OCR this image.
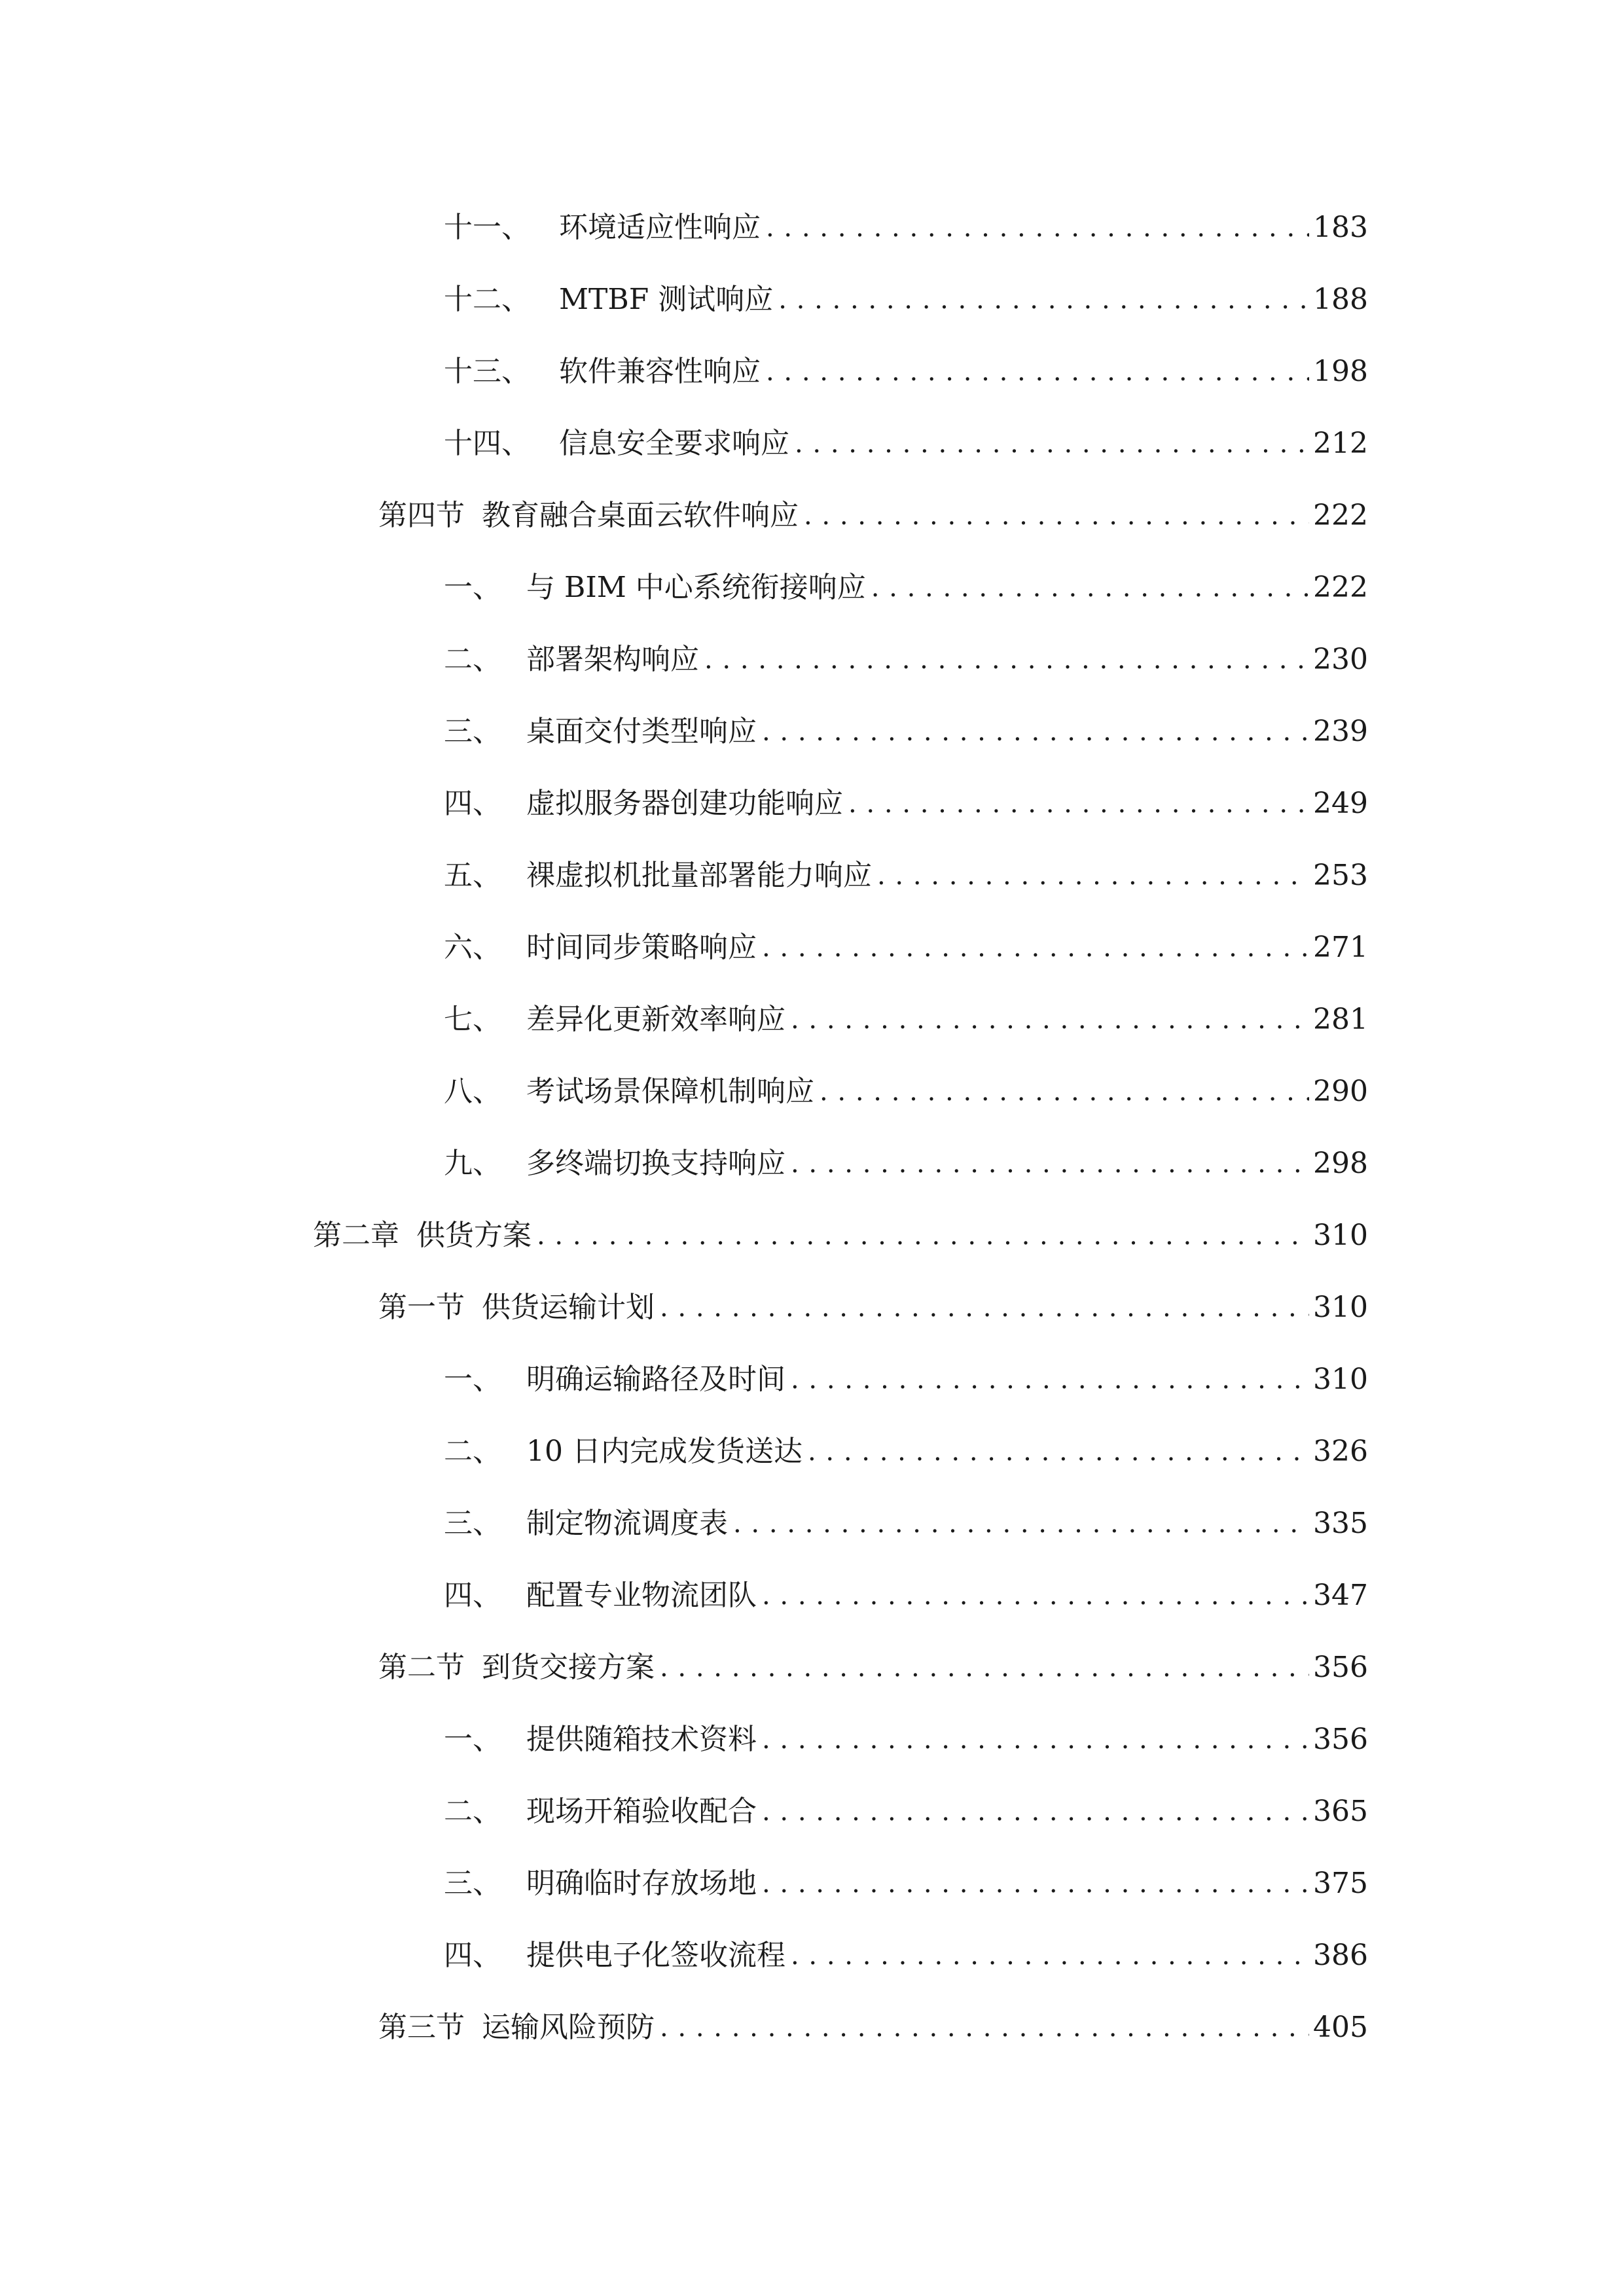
十一、	环境适应性响应 . . .	183
十二、	MTBF 测试响应 . . .	188
十三、	软件兼容性响应 . . .	198
十四、	信息安全要求响应 . . .	212
第四节 教育融合桌面云软件响应 . . .	222
一、 与 BIM 中心系统衔接响应 . . .	222
二、 部署架构响应 . . .	230
三、 桌面交付类型响应 . . .	239
四、 虚拟服务器创建功能响应 . . .	249
五、 裸虚拟机批量部署能力响应 . . .	253
六、 时间同步策略响应 . . .	271
七、 差异化更新效率响应 . . .	281
八、 考试场景保障机制响应 . . .	290
九、 多终端切换支持响应 . . .	298
第二章 供货方案 . . .	310
第一节 供货运输计划 . . .	310
一、 明确运输路径及时间 . . .	310
二、 10 日内完成发货送达 . . .	326
三、 制定物流调度表 . . .	335
四、 配置专业物流团队 . . .	347
第二节 到货交接方案 . . .	356
一、 提供随箱技术资料 . . .	356
二、 现场开箱验收配合 . . .	365
三、 明确临时存放场地 . . .	375
四、 提供电子化签收流程 . . .	386
第三节 运输风险预防 . . .	405
